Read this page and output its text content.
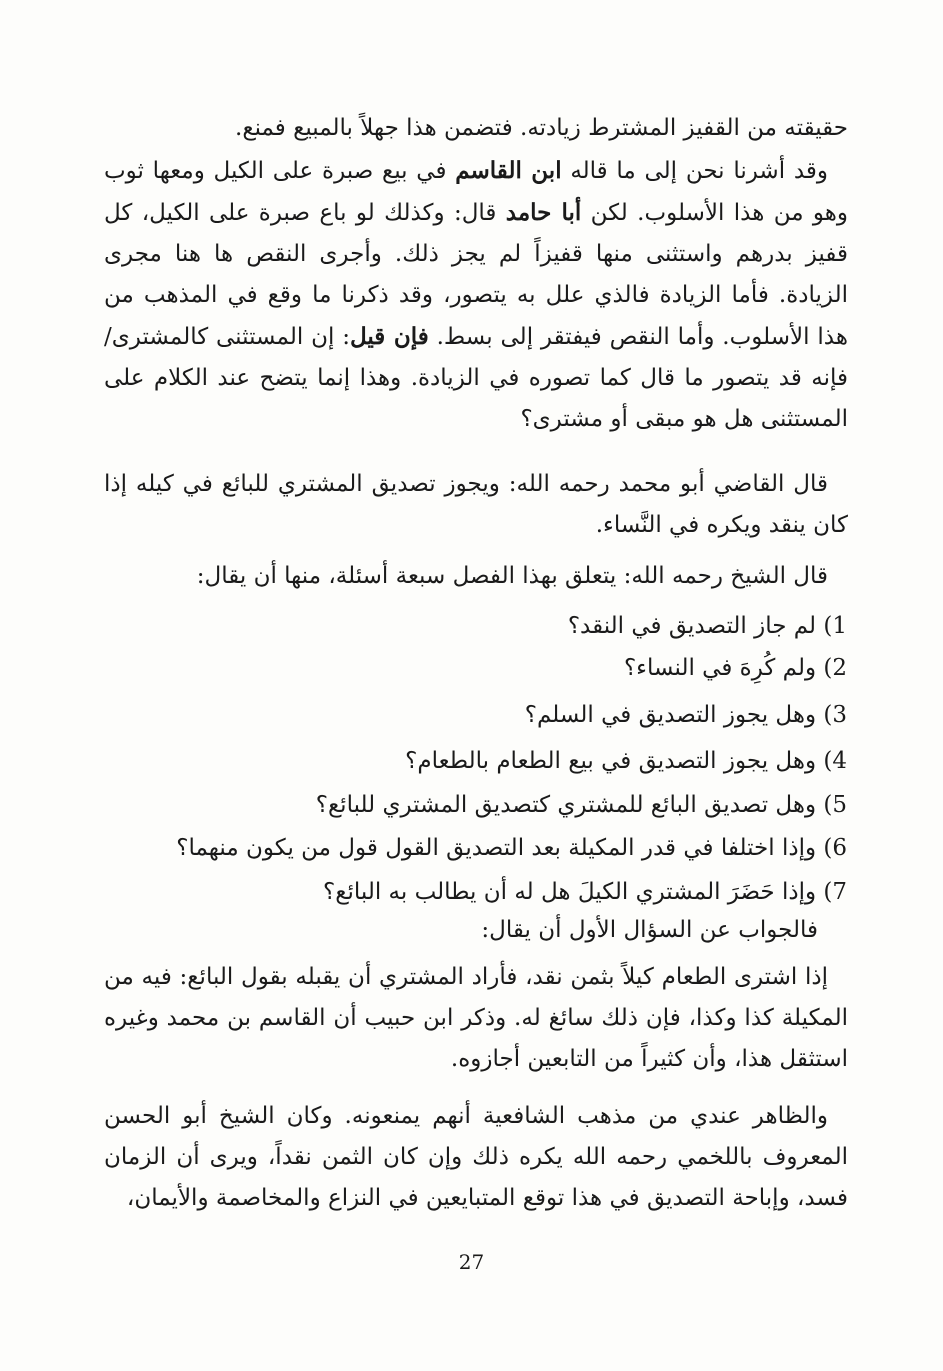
حقيقته من القفيز المشترط زيادته. فتضمن هذا جهلاً بالمبيع فمنع.

وقد أشرنا نحن إلى ما قاله ابن القاسم في بيع صبرة على الكيل ومعها ثوب وهو من هذا الأسلوب. لكن أبا حامد قال: وكذلك لو باع صبرة على الكيل، كل قفيز بدرهم واستثنى منها قفيزاً لم يجز ذلك. وأجرى النقص ها هنا مجرى الزيادة. فأما الزيادة فالذي علل به يتصور، وقد ذكرنا ما وقع في المذهب من هذا الأسلوب. وأما النقص فيفتقر إلى بسط. فإن قيل: إن المستثنى كالمشترى/ فإنه قد يتصور ما قال كما تصوره في الزيادة. وهذا إنما يتضح عند الكلام على المستثنى هل هو مبقى أو مشترى؟

قال القاضي أبو محمد رحمه الله: ويجوز تصديق المشتري للبائع في كيله إذا كان ينقد ويكره في النَّساء.

قال الشيخ رحمه الله: يتعلق بهذا الفصل سبعة أسئلة، منها أن يقال:

1) لم جاز التصديق في النقد؟

2) ولم كُرِهَ في النساء؟

3) وهل يجوز التصديق في السلم؟

4) وهل يجوز التصديق في بيع الطعام بالطعام؟

5) وهل تصديق البائع للمشتري كتصديق المشتري للبائع؟

6) وإذا اختلفا في قدر المكيلة بعد التصديق القول قول من يكون منهما؟

7) وإذا حَضَرَ المشتري الكيلَ هل له أن يطالب به البائع؟

فالجواب عن السؤال الأول أن يقال:

إذا اشترى الطعام كيلاً بثمن نقد، فأراد المشتري أن يقبله بقول البائع: فيه من المكيلة كذا وكذا، فإن ذلك سائغ له. وذكر ابن حبيب أن القاسم بن محمد وغيره استثقل هذا، وأن كثيراً من التابعين أجازوه.

والظاهر عندي من مذهب الشافعية أنهم يمنعونه. وكان الشيخ أبو الحسن المعروف باللخمي رحمه الله يكره ذلك وإن كان الثمن نقداً، ويرى أن الزمان فسد، وإباحة التصديق في هذا توقع المتبايعين في النزاع والمخاصمة والأيمان،

27
